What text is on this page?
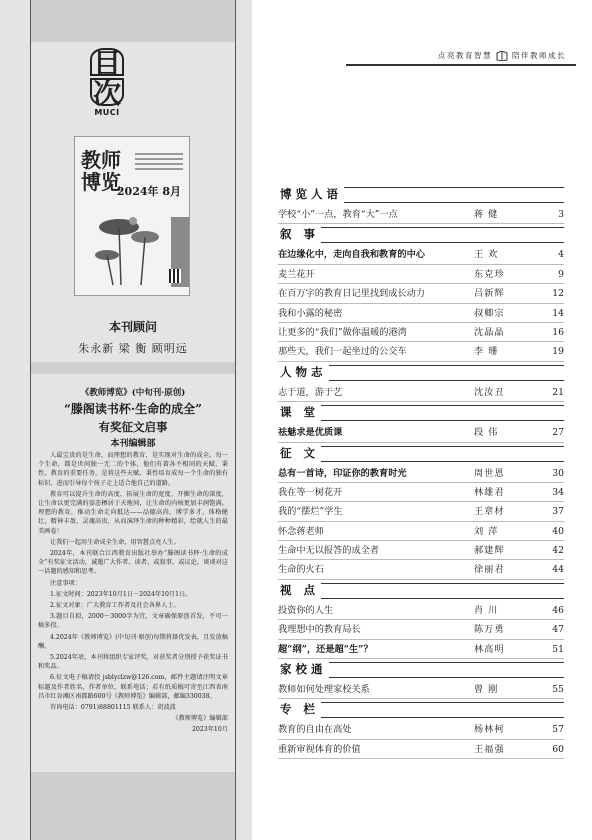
目
次
MUCI
教师
博览
2024年 8月
本刊顾问
朱永新 梁 衡 顾明远
《教师博览》(中旬刊·原创)
“滕阁读书杯·生命的成全”
有奖征文启事
本刊编辑部

人最宝贵的是生命，而理想的教育，是实现对生命的成全。每一个生命，都是世间独一无二的个体，他们有着各不相同的天赋、秉性，教育的重要任务，是将这些天赋、秉性培育成每一个生命的独有标识，进而引导每个孩子走上适合他自己的道路。

教育可以提升生命的高度，拓展生命的宽度，开掘生命的深度，让生命以更完满的姿态栖居于天地间，让生命的内核更加丰润饱满。理想的教育，推动生命走向抵达——品德高尚，博学多才，体格健壮，精神丰盈，灵魂高贵，从而演绎生命的种种精彩，绘就人生的最美画卷！

让我们一起用生命成全生命，用智慧点亮人生。

2024年，本刊联合江西教育出版社举办“滕阁读书杯·生命的成全”有奖征文活动，诚邀广大作者、读者，或叙事，或议论，谈谈对这一话题的感知和思考。

注意事项：

1.征文时间：2023年10月1日－2024年10月1日。

2.征文对象：广大教育工作者及社会各界人士。

3.题目自拟，2000～3000字为宜，文章确保原创首发，不可一稿多投。

4.2024年《教师博览》(中旬刊·原创)每期将择优发表，且发放稿酬。

5.2024年底，本刊将组织专家评奖，对获奖者分别授予获奖证书和奖品。

6.征文电子稿请投 jsblyclzw@126.com，邮件主题请注明文章标题及作者姓名、作者单位、联系电话；若有纸质稿可寄至江西省南昌市红谷滩区南都路600号《教师博览》编辑部，邮编330038。

咨询电话：0791)88801115 联系人：胡波波

《教师博览》编辑部

2023年10月

点亮教育智慧	陪伴教师成长
博览人语
学校“小”一点，教育“大”一点	蒋 健	3
叙 事
在边缘化中，走向自我和教育的中心	王 欢	4
麦兰花开	东克珍	9
在百万字的教育日记里找到成长动力	吕新辉	12
我和小露的秘密	叔卿宗	14
让更多的“我们”做你温暖的港湾	沈晶晶	16
那些天，我们一起坐过的公交车	李 珊	19
人物志
志于道，游于艺	沈汝丑	21
课 堂
祛魅求是优质课	段 伟	27
征 文
总有一首诗，印证你的教育时光	周世恩	30
我在等一树花开	林雄君	34
我的“摆烂”学生	王章材	37
怀念蒋老师	刘 萍	40
生命中无以报答的成全者	郝建辉	42
生命的火石	徐丽君	44
视 点
投资你的人生	肖 川	46
我理想中的教育局长	陈万勇	47
超“纲”，还是超“生”？	林高明	51
家校通
教师如何处理家校关系	曾 刚	55
专 栏
教育的自由在高处	杨林柯	57
重新审视体育的价值	王福强	60
